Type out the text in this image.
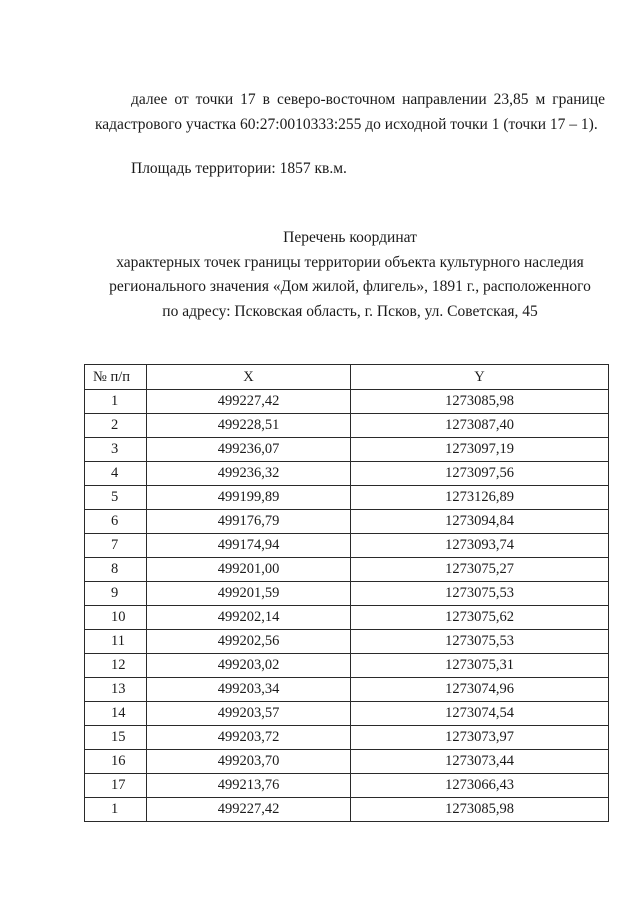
далее от точки 17 в северо-восточном направлении 23,85 м границе кадастрового участка 60:27:0010333:255 до исходной точки 1 (точки 17 – 1).
Площадь территории: 1857 кв.м.
Перечень координат
характерных точек границы территории объекта культурного наследия
регионального значения «Дом жилой, флигель», 1891 г., расположенного
по адресу: Псковская область, г. Псков, ул. Советская, 45
№ п/п	X	Y
1	499227,42	1273085,98
2	499228,51	1273087,40
3	499236,07	1273097,19
4	499236,32	1273097,56
5	499199,89	1273126,89
6	499176,79	1273094,84
7	499174,94	1273093,74
8	499201,00	1273075,27
9	499201,59	1273075,53
10	499202,14	1273075,62
11	499202,56	1273075,53
12	499203,02	1273075,31
13	499203,34	1273074,96
14	499203,57	1273074,54
15	499203,72	1273073,97
16	499203,70	1273073,44
17	499213,76	1273066,43
1	499227,42	1273085,98
